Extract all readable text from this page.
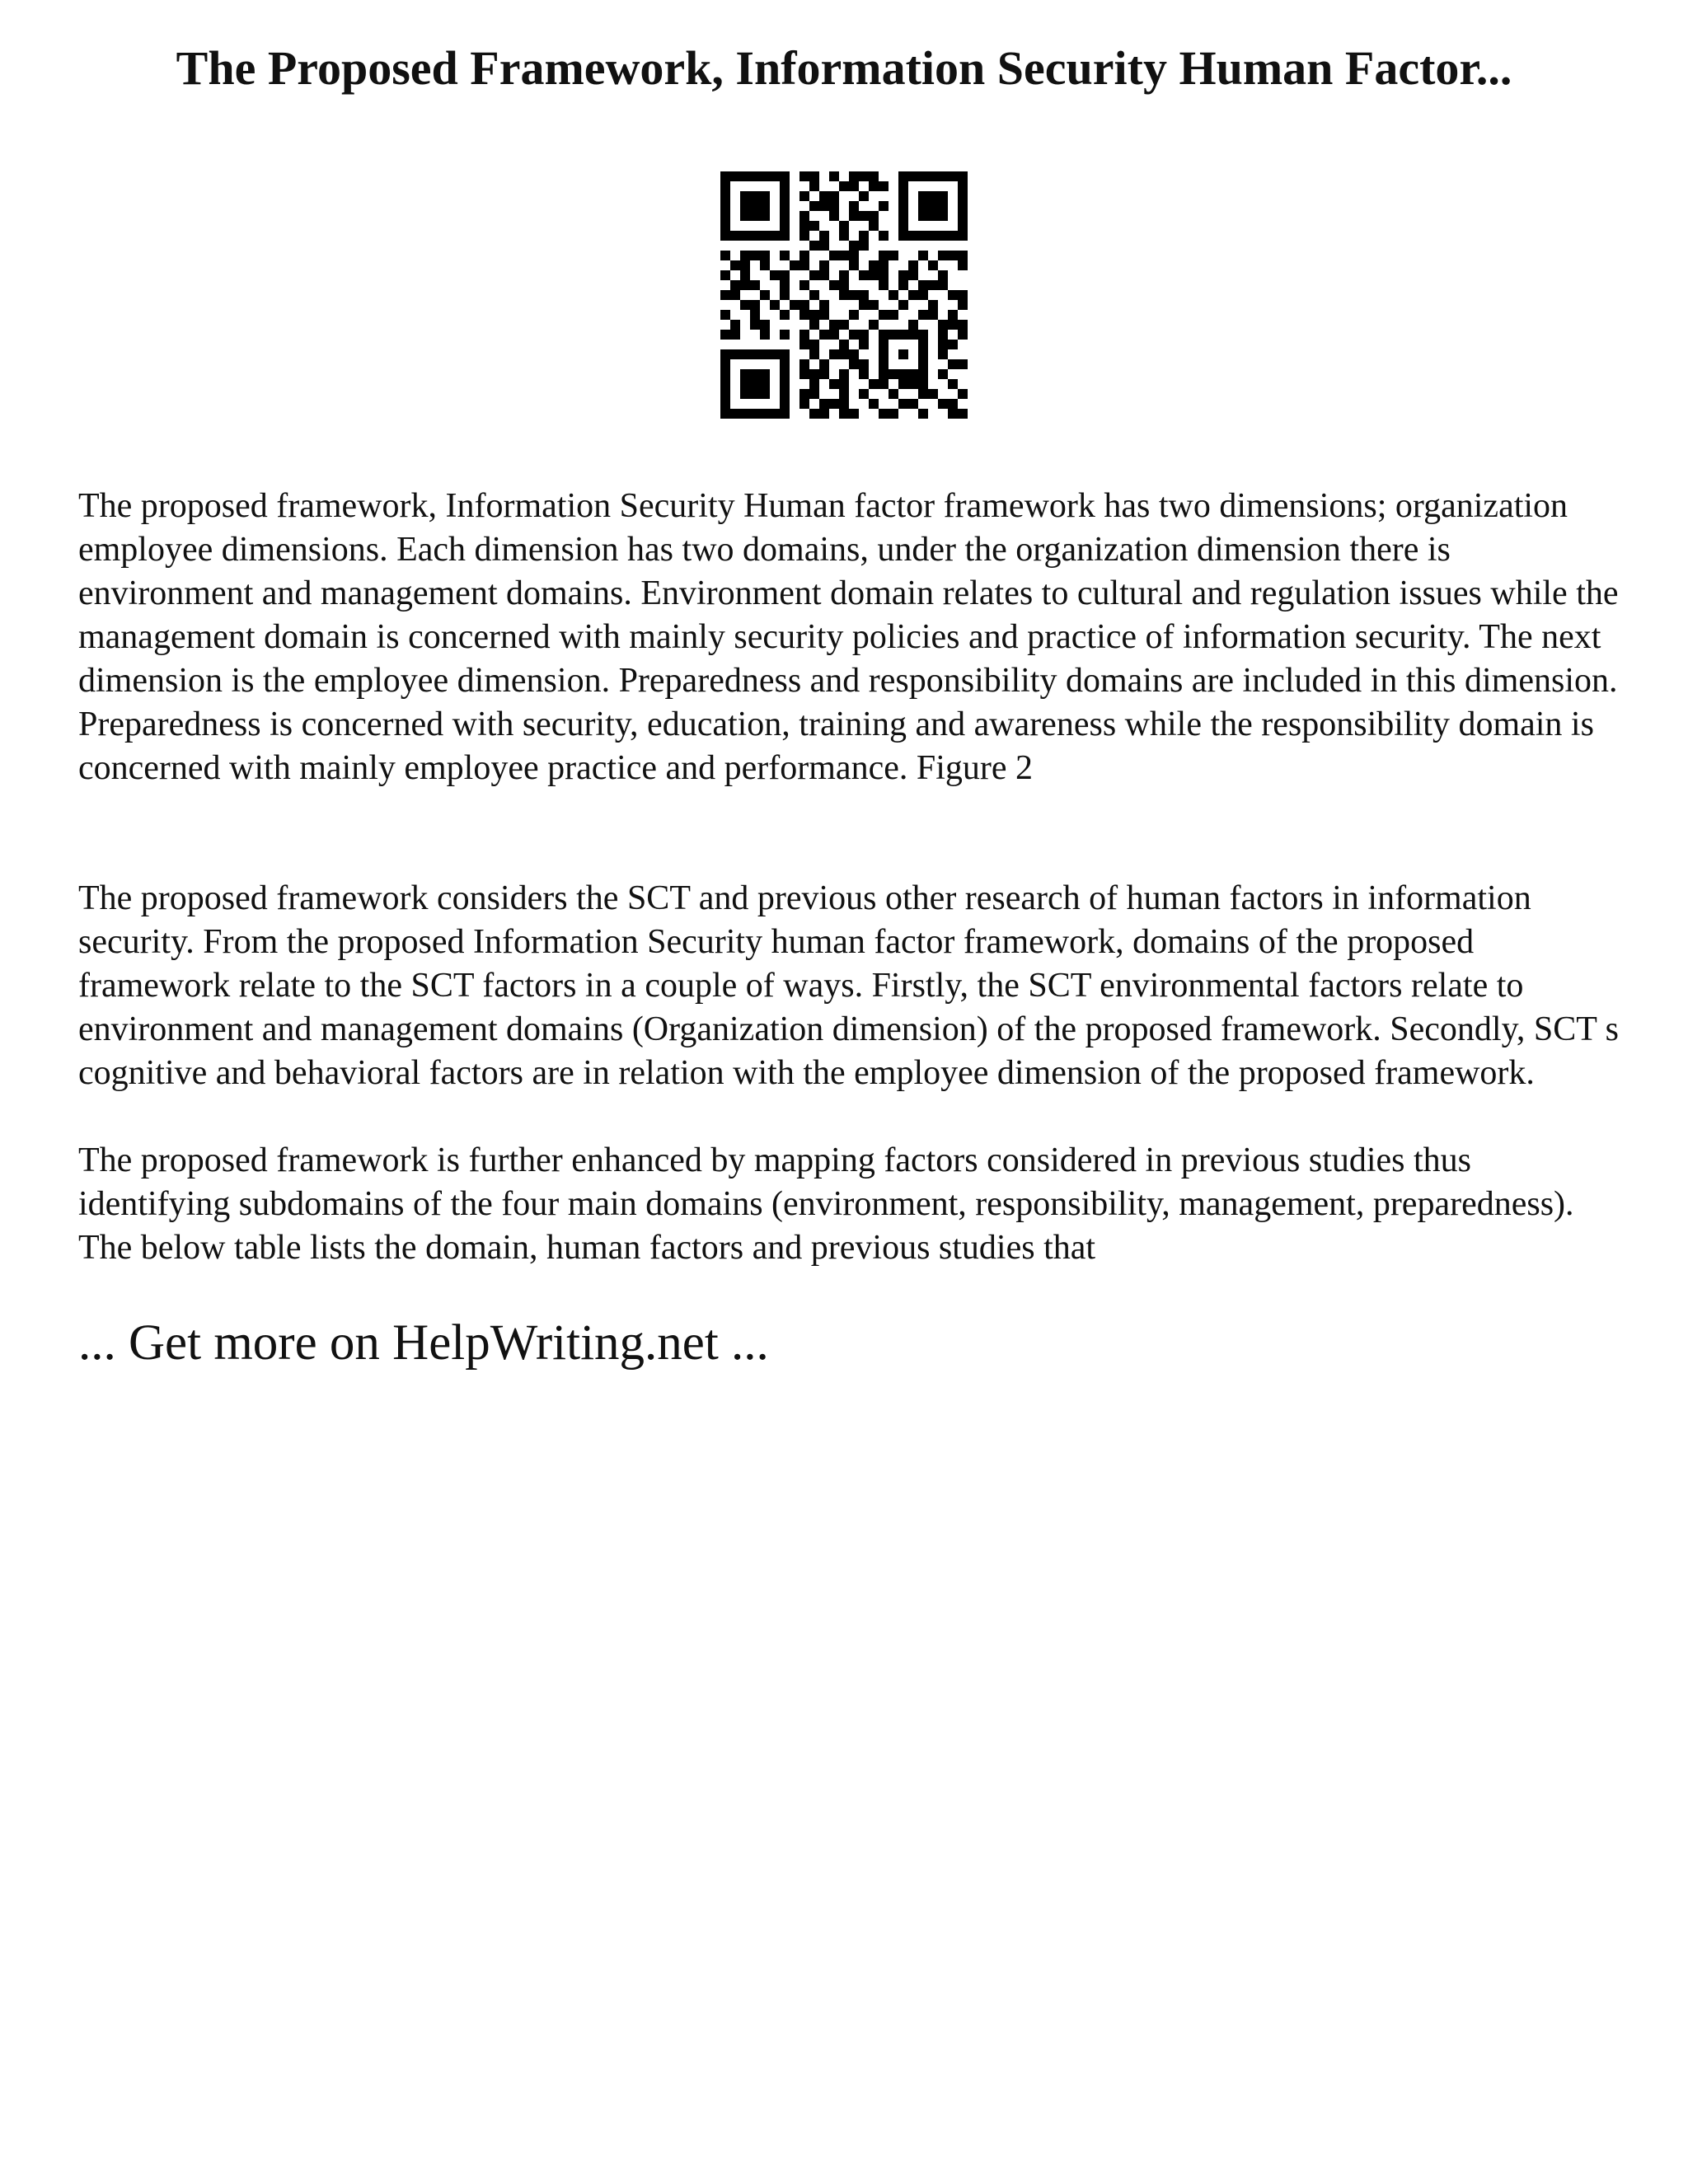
The Proposed Framework, Information Security Human Factor...

The proposed framework, Information Security Human factor framework has two dimensions; organization employee dimensions. Each dimension has two domains, under the organization dimension there is environment and management domains. Environment domain relates to cultural and regulation issues while the management domain is concerned with mainly security policies and practice of information security. The next dimension is the employee dimension. Preparedness and responsibility domains are included in this dimension. Preparedness is concerned with security, education, training and awareness while the responsibility domain is concerned with mainly employee practice and performance. Figure 2

The proposed framework considers the SCT and previous other research of human factors in information security. From the proposed Information Security human factor framework, domains of the proposed framework relate to the SCT factors in a couple of ways. Firstly, the SCT environmental factors relate to environment and management domains (Organization dimension) of the proposed framework. Secondly, SCT s cognitive and behavioral factors are in relation with the employee dimension of the proposed framework.

The proposed framework is further enhanced by mapping factors considered in previous studies thus identifying subdomains of the four main domains (environment, responsibility, management, preparedness). The below table lists the domain, human factors and previous studies that

... Get more on HelpWriting.net ...
